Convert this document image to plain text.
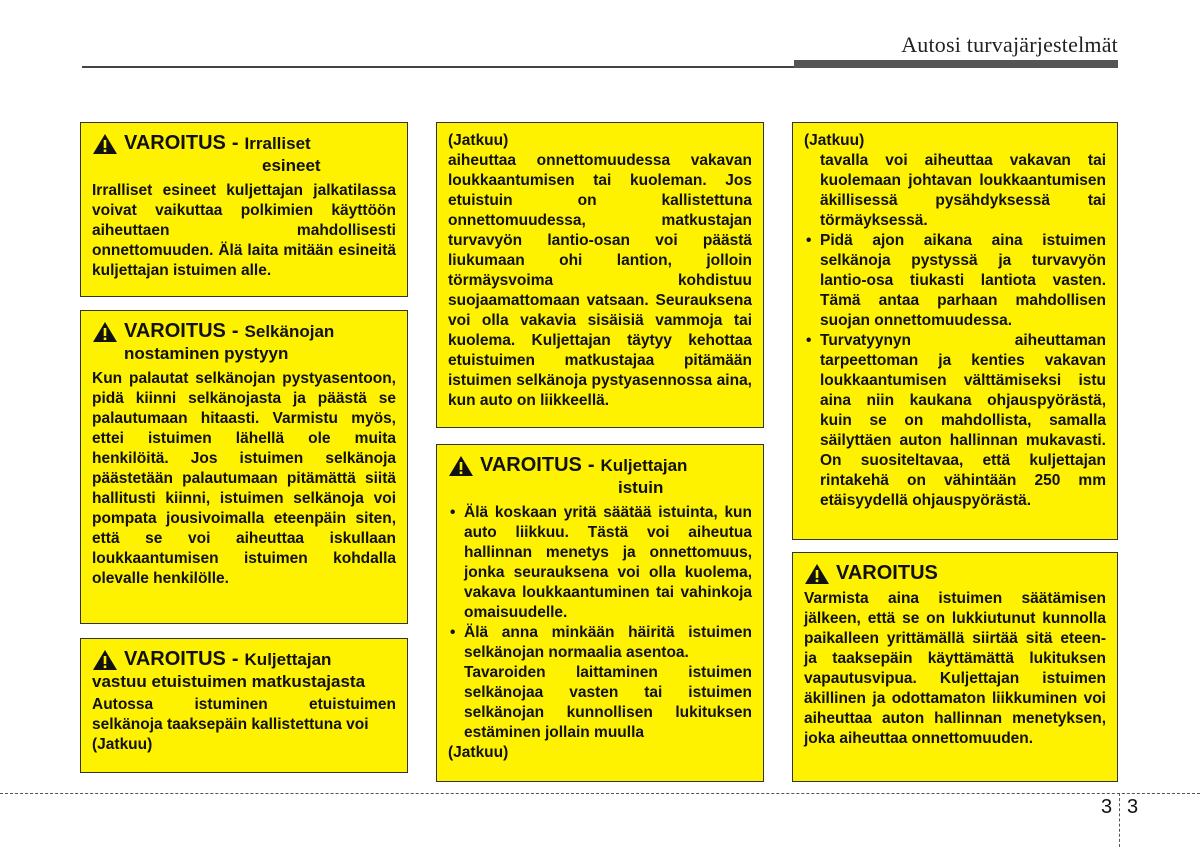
Autosi turvajärjestelmät
VAROITUS - Irralliset
esineet

Irralliset esineet kuljettajan jalkatilassa voivat vaikuttaa polkimien käyttöön aiheuttaen mahdollisesti onnettomuuden. Älä laita mitään esineitä kuljettajan istuimen alle.

VAROITUS - Selkänojan
nostaminen pystyyn

Kun palautat selkänojan pystyasentoon, pidä kiinni selkänojasta ja päästä se palautumaan hitaasti. Varmistu myös, ettei istuimen lähellä ole muita henkilöitä. Jos istuimen selkänoja päästetään palautumaan pitämättä siitä hallitusti kiinni, istuimen selkänoja voi pompata jousivoimalla eteenpäin siten, että se voi aiheuttaa iskullaan loukkaantumisen istuimen kohdalla olevalle henkilölle.

VAROITUS - Kuljettajan
vastuu etuistuimen matkustajasta

Autossa istuminen etuistuimen selkänoja taaksepäin kallistettuna voi

(Jatkuu)

(Jatkuu)

aiheuttaa onnettomuudessa vakavan loukkaantumisen tai kuoleman. Jos etuistuin on kallistettuna onnettomuudessa, matkustajan turvavyön lantio-osan voi päästä liukumaan ohi lantion, jolloin törmäysvoima kohdistuu suojaamattomaan vatsaan. Seurauksena voi olla vakavia sisäisiä vammoja tai kuolema. Kuljettajan täytyy kehottaa etuistuimen matkustajaa pitämään istuimen selkänoja pystyasennossa aina, kun auto on liikkeellä.

VAROITUS - Kuljettajan
istuin
• Älä koskaan yritä säätää istuinta, kun auto liikkuu. Tästä voi aiheutua hallinnan menetys ja onnettomuus, jonka seurauksena voi olla kuolema, vakava loukkaantuminen tai vahinkoja omaisuudelle.
• Älä anna minkään häiritä istuimen selkänojan normaalia asentoa.

Tavaroiden laittaminen istuimen selkänojaa vasten tai istuimen selkänojan kunnollisen lukituksen estäminen jollain muulla

(Jatkuu)

(Jatkuu)

tavalla voi aiheuttaa vakavan tai kuolemaan johtavan loukkaantumisen äkillisessä pysähdyksessä tai törmäyksessä.

• Pidä ajon aikana aina istuimen selkänoja pystyssä ja turvavyön lantio-osa tiukasti lantiota vasten. Tämä antaa parhaan mahdollisen suojan onnettomuudessa.
• Turvatyynyn aiheuttaman tarpeettoman ja kenties vakavan loukkaantumisen välttämiseksi istu aina niin kaukana ohjauspyörästä, kuin se on mahdollista, samalla säilyttäen auton hallinnan mukavasti. On suositeltavaa, että kuljettajan rintakehä on vähintään 250 mm etäisyydellä ohjauspyörästä.
VAROITUS

Varmista aina istuimen säätämisen jälkeen, että se on lukkiutunut kunnolla paikalleen yrittämällä siirtää sitä eteen- ja taaksepäin käyttämättä lukituksen vapautusvipua. Kuljettajan istuimen äkillinen ja odottamaton liikkuminen voi aiheuttaa auton hallinnan menetyksen, joka aiheuttaa onnettomuuden.

3 3
